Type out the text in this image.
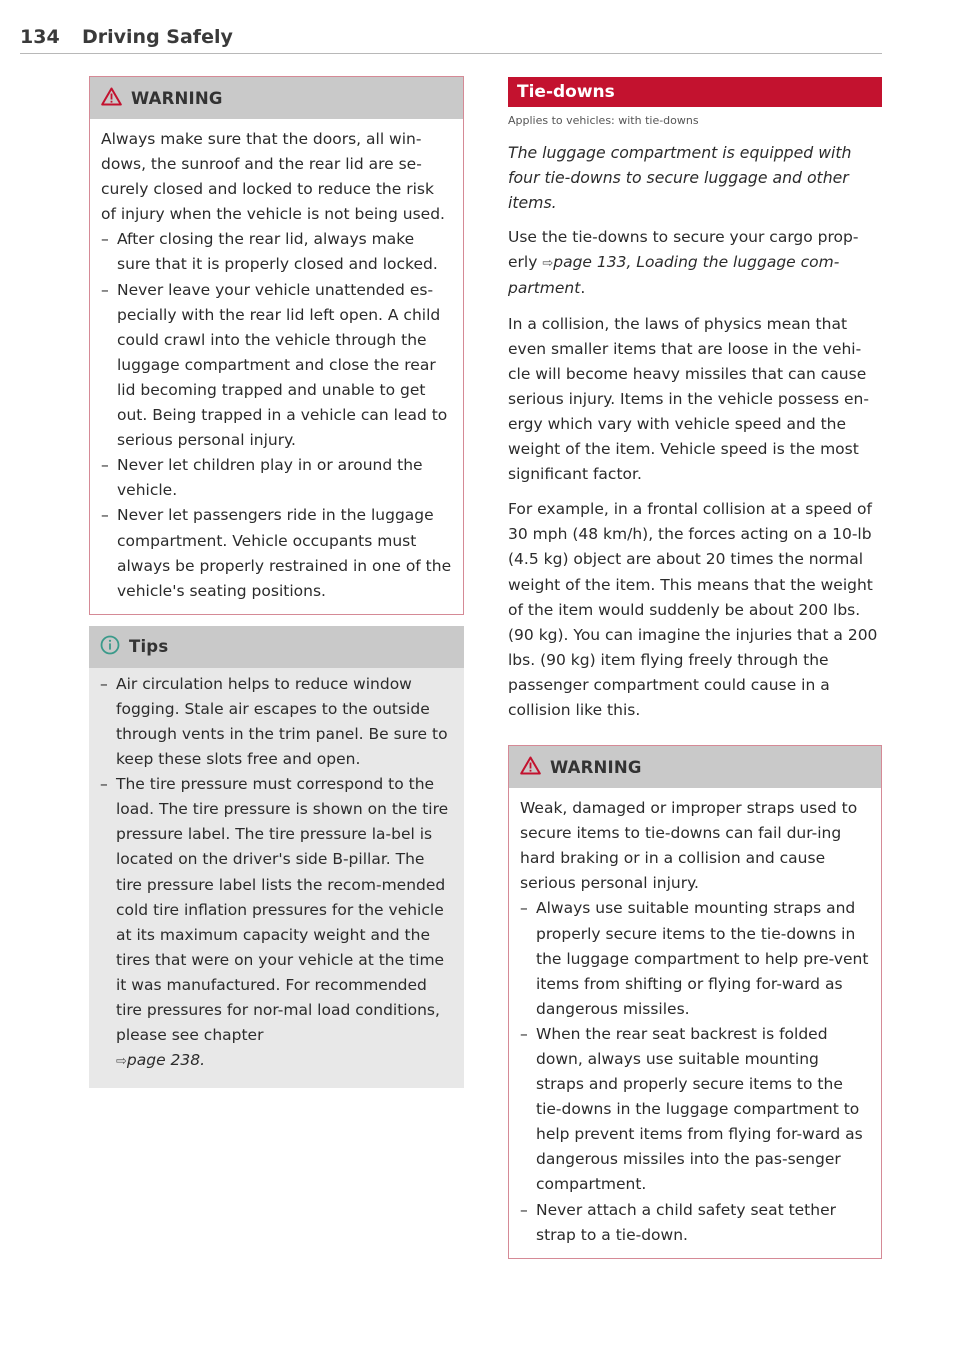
134 Driving Safely
WARNING

Always make sure that the doors, all win-dows, the sunroof and the rear lid are se-curely closed and locked to reduce the risk of injury when the vehicle is not being used.

– After closing the rear lid, always make sure that it is properly closed and locked.

– Never leave your vehicle unattended es-pecially with the rear lid left open. A child could crawl into the vehicle through the luggage compartment and close the rear lid becoming trapped and unable to get out. Being trapped in a vehicle can lead to serious personal injury.

– Never let children play in or around the vehicle.

– Never let passengers ride in the luggage compartment. Vehicle occupants must always be properly restrained in one of the vehicle's seating positions.

Tips

– Air circulation helps to reduce window fogging. Stale air escapes to the outside through vents in the trim panel. Be sure to keep these slots free and open.

– The tire pressure must correspond to the load. The tire pressure is shown on the tire pressure label. The tire pressure la-bel is located on the driver's side B-pillar. The tire pressure label lists the recom-mended cold tire inflation pressures for the vehicle at its maximum capacity weight and the tires that were on your vehicle at the time it was manufactured. For recommended tire pressures for nor-mal load conditions, please see chapter
⇨page 238.

Tie-downs

Applies to vehicles: with tie-downs

The luggage compartment is equipped with four tie-downs to secure luggage and other items.

Use the tie-downs to secure your cargo prop-erly ⇨page 133, Loading the luggage com-partment.

In a collision, the laws of physics mean that even smaller items that are loose in the vehi-cle will become heavy missiles that can cause serious injury. Items in the vehicle possess en-ergy which vary with vehicle speed and the weight of the item. Vehicle speed is the most significant factor.

For example, in a frontal collision at a speed of 30 mph (48 km/h), the forces acting on a 10-lb (4.5 kg) object are about 20 times the normal weight of the item. This means that the weight of the item would suddenly be about 200 lbs. (90 kg). You can imagine the injuries that a 200 lbs. (90 kg) item flying freely through the passenger compartment could cause in a collision like this.

WARNING

Weak, damaged or improper straps used to secure items to tie-downs can fail dur-ing hard braking or in a collision and cause serious personal injury.

– Always use suitable mounting straps and properly secure items to the tie-downs in the luggage compartment to help pre-vent items from shifting or flying for-ward as dangerous missiles.

– When the rear seat backrest is folded down, always use suitable mounting straps and properly secure items to the tie-downs in the luggage compartment to help prevent items from flying for-ward as dangerous missiles into the pas-senger compartment.

– Never attach a child safety seat tether strap to a tie-down.
